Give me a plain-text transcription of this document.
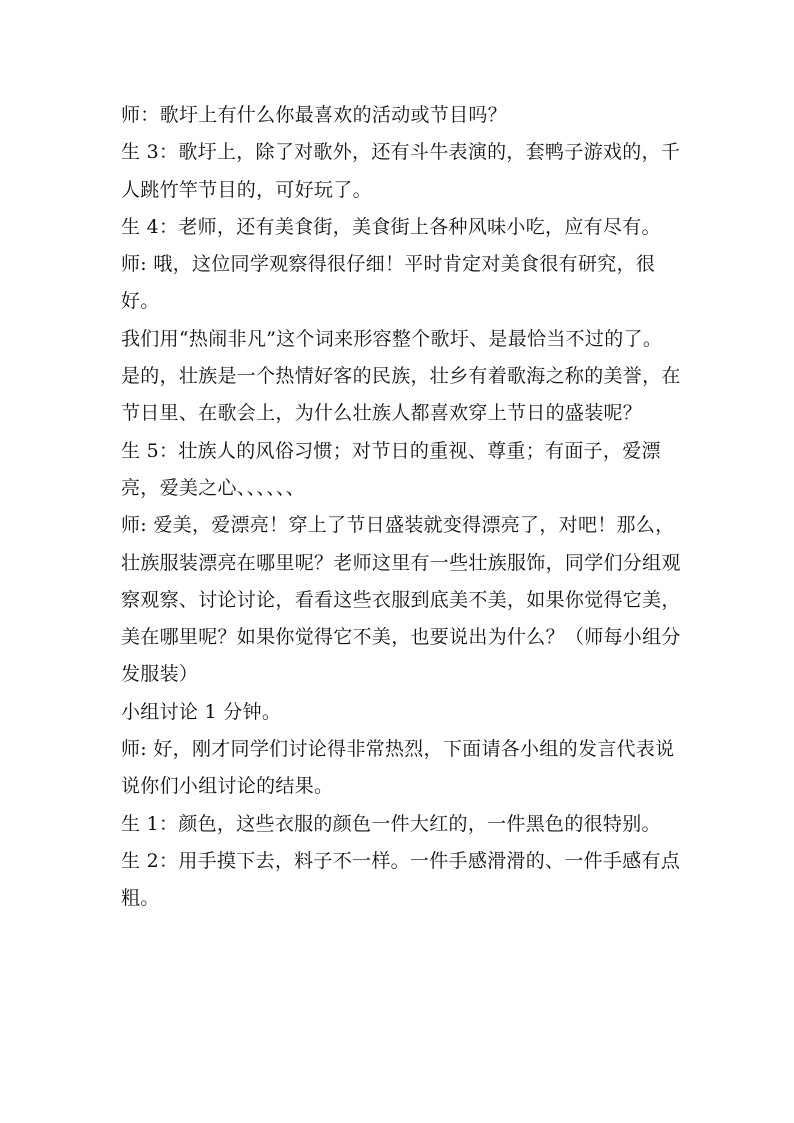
师：歌圩上有什么你最喜欢的活动或节目吗？

生 3：歌圩上，除了对歌外，还有斗牛表演的，套鸭子游戏的，千人跳竹竿节目的，可好玩了。

生 4：老师，还有美食街，美食街上各种风味小吃，应有尽有。

师: 哦，这位同学观察得很仔细！平时肯定对美食很有研究，很好。

我们用“热闹非凡”这个词来形容整个歌圩、是最恰当不过的了。是的，壮族是一个热情好客的民族，壮乡有着歌海之称的美誉，在节日里、在歌会上，为什么壮族人都喜欢穿上节日的盛装呢？

生 5：壮族人的风俗习惯；对节日的重视、尊重；有面子，爱漂亮，爱美之心、、、、、、

师: 爱美，爱漂亮！穿上了节日盛装就变得漂亮了，对吧！那么，壮族服装漂亮在哪里呢？老师这里有一些壮族服饰，同学们分组观察观察、讨论讨论，看看这些衣服到底美不美，如果你觉得它美，美在哪里呢？如果你觉得它不美，也要说出为什么？（师每小组分发服装）

小组讨论 1 分钟。

师: 好，刚才同学们讨论得非常热烈，下面请各小组的发言代表说说你们小组讨论的结果。

生 1：颜色，这些衣服的颜色一件大红的，一件黑色的很特别。

生 2：用手摸下去，料子不一样。一件手感滑滑的、一件手感有点粗。
